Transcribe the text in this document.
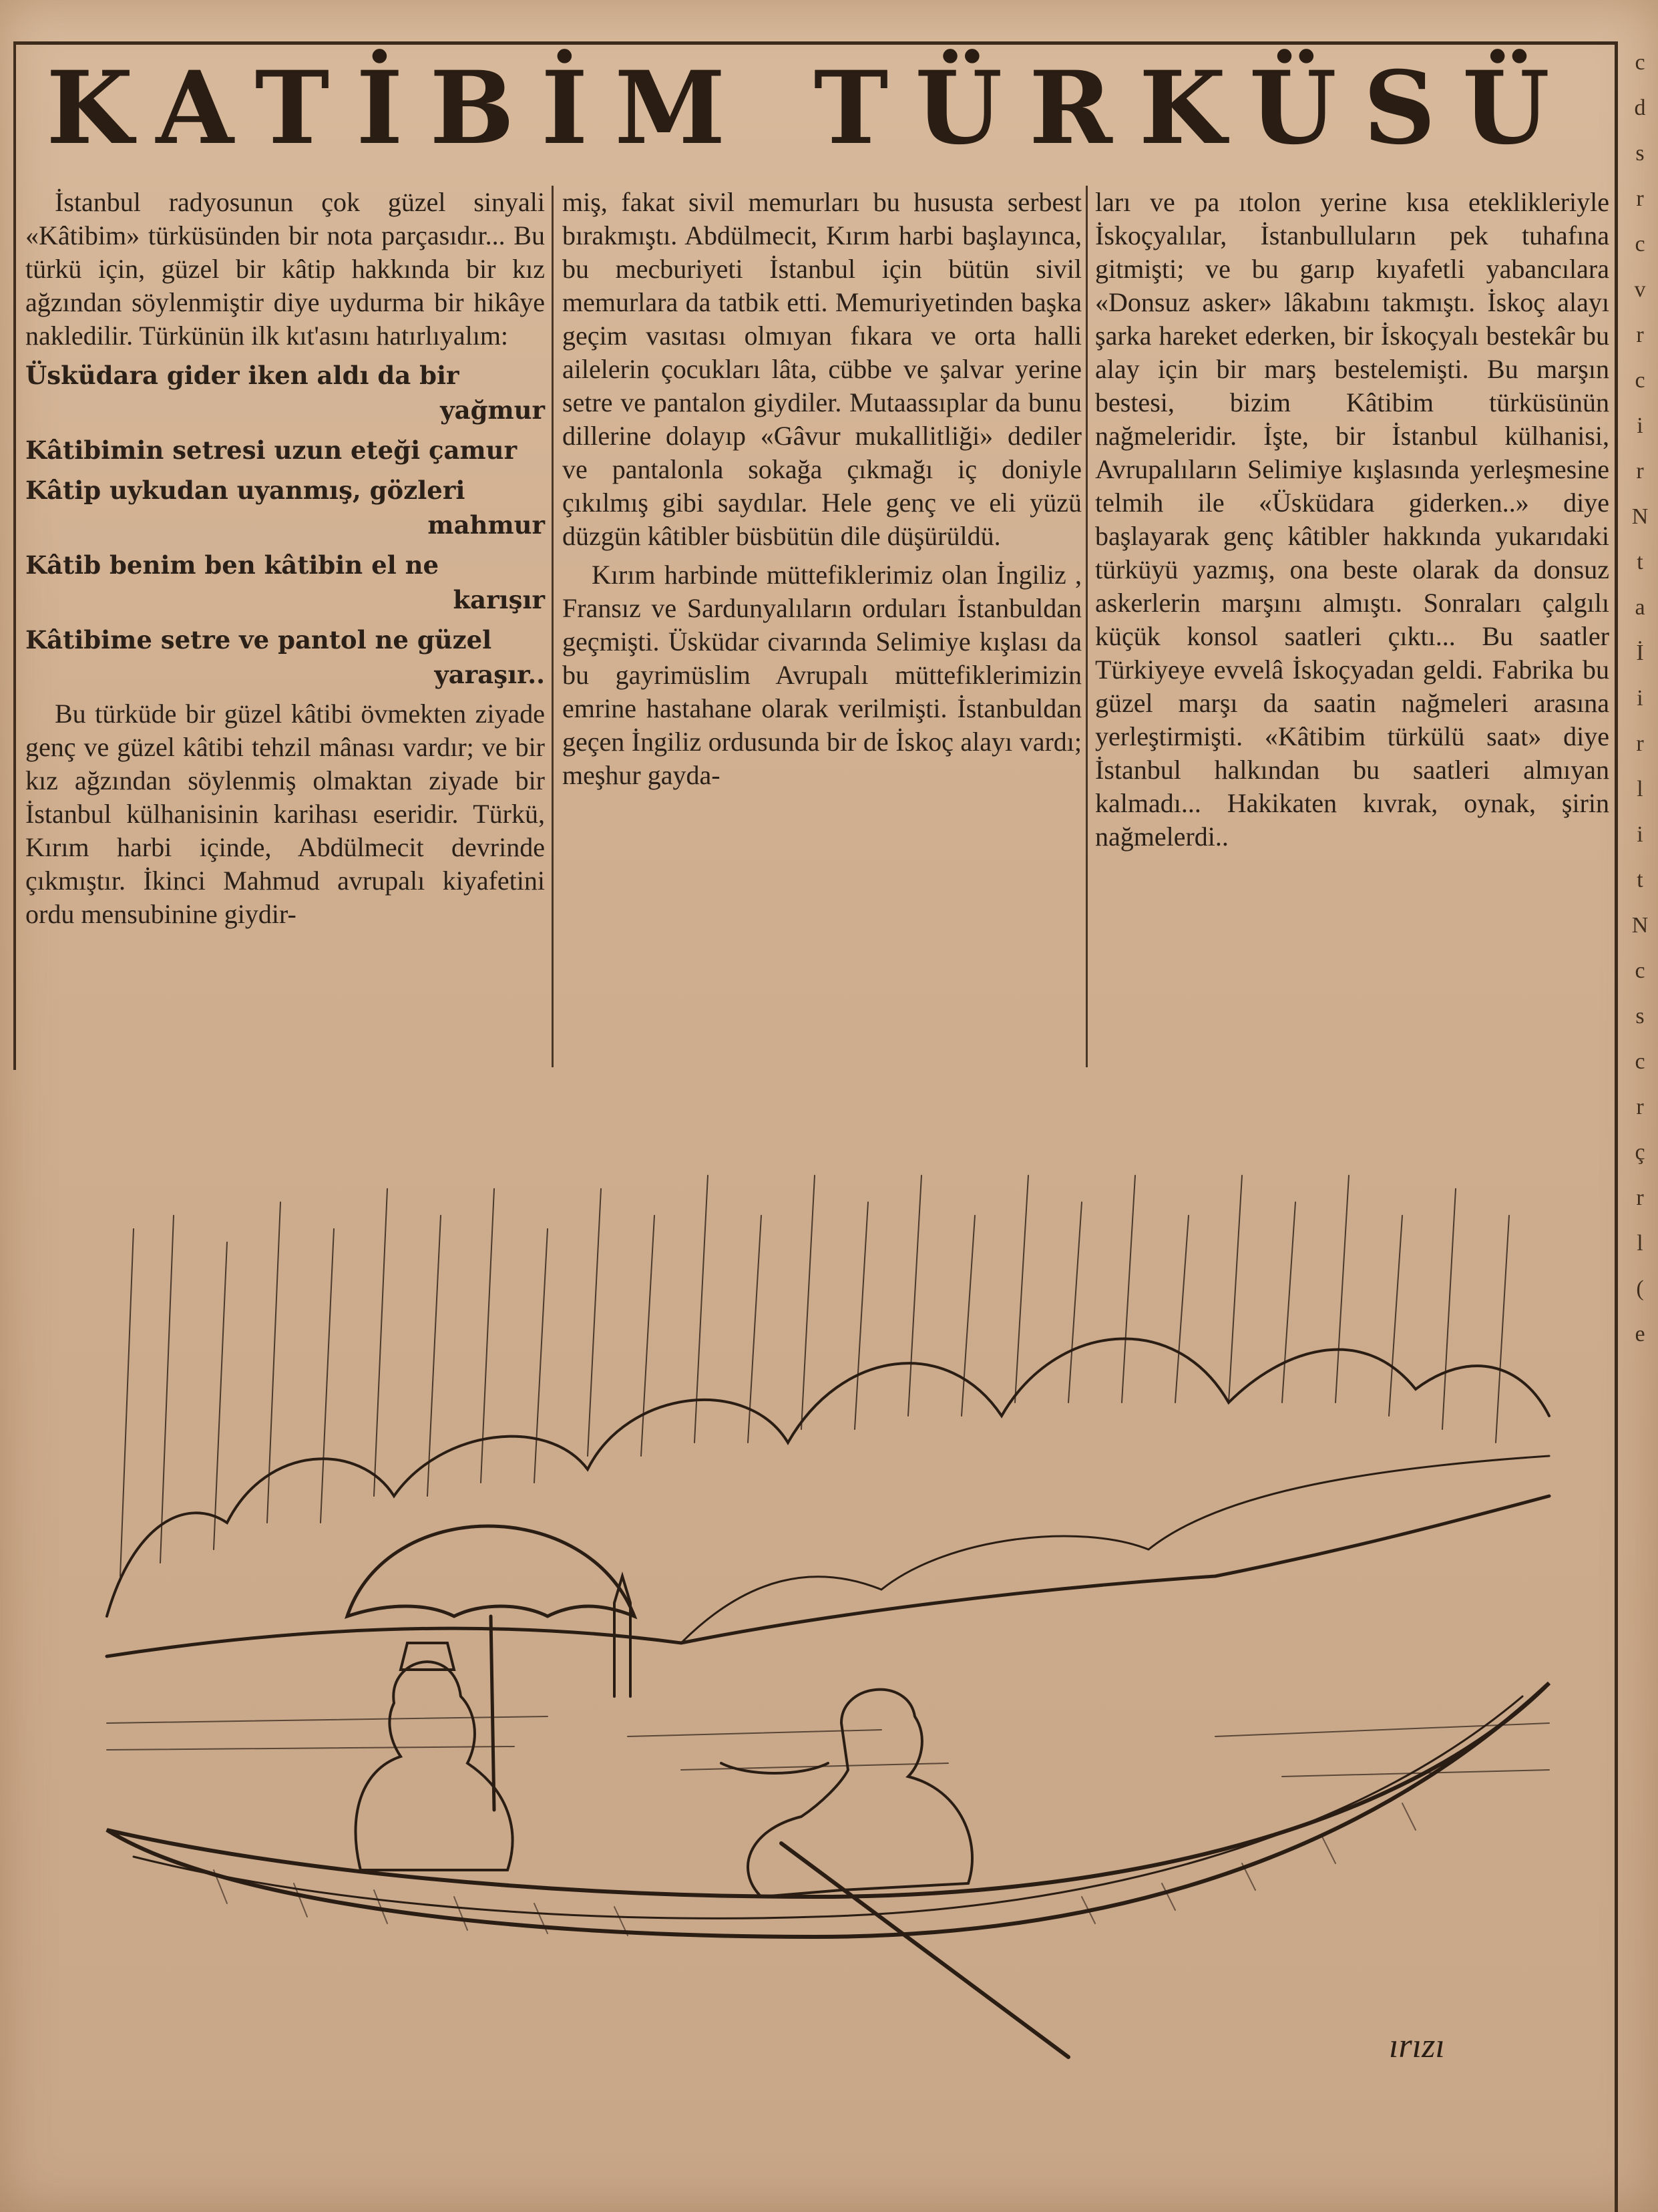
KATİBİM TÜRKÜSÜ

İstanbul radyosunun çok güzel sinyali «Kâtibim» türküsünden bir nota parçasıdır... Bu türkü için, güzel bir kâtip hakkında bir kız ağzından söylenmiştir diye uydurma bir hikâye nakledilir. Türkünün ilk kıt'asını hatırlıyalım:

Üsküdara gider iken aldı da bir
yağmur

Kâtibimin setresi uzun eteği çamur

Kâtip uykudan uyanmış, gözleri
mahmur

Kâtib benim ben kâtibin el ne
karışır

Kâtibime setre ve pantol ne güzel
yaraşır..

Bu türküde bir güzel kâtibi övmekten ziyade genç ve güzel kâtibi tehzil mânası vardır; ve bir kız ağzından söylenmiş olmaktan ziyade bir İstanbul külhanisinin karihası eseridir. Türkü, Kırım harbi içinde, Abdülmecit devrinde çıkmıştır. İkinci Mahmud avrupalı kiyafetini ordu mensubinine giydir-

miş, fakat sivil memurları bu hususta serbest bırakmıştı. Abdülmecit, Kırım harbi başlayınca, bu mecburiyeti İstanbul için bütün sivil memurlara da tatbik etti. Memuriyetinden başka geçim vasıtası olmıyan fıkara ve orta halli ailelerin çocukları lâta, cübbe ve şalvar yerine setre ve pantalon giydiler. Mutaassıplar da bunu dillerine dolayıp «Gâvur mukallitliği» dediler ve pantalonla sokağa çıkmağı iç doniyle çıkılmış gibi saydılar. Hele genç ve eli yüzü düzgün kâtibler büsbütün dile düşürüldü.

Kırım harbinde müttefiklerimiz olan İngiliz , Fransız ve Sardunyalıların orduları İstanbuldan geçmişti. Üsküdar civarında Selimiye kışlası da bu gayrimüslim Avrupalı müttefiklerimizin emrine hastahane olarak verilmişti. İstanbuldan geçen İngiliz ordusunda bir de İskoç alayı vardı; meşhur gayda-

ları ve pa ıtolon yerine kısa eteklikleriyle İskoçyalılar, İstanbulluların pek tuhafına gitmişti; ve bu garıp kıyafetli yabancılara «Donsuz asker» lâkabını takmıştı. İskoç alayı şarka hareket ederken, bir İskoçyalı bestekâr bu alay için bir marş bestelemişti. Bu marşın bestesi, bizim Kâtibim türküsünün nağmeleridir. İşte, bir İstanbul külhanisi, Avrupalıların Selimiye kışlasında yerleşmesine telmih ile «Üsküdara giderken..» diye başlayarak genç kâtibler hakkında yukarıdaki türküyü yazmış, ona beste olarak da donsuz askerlerin marşını almıştı. Sonraları çalgılı küçük konsol saatleri çıktı... Bu saatler Türkiyeye evvelâ İskoçyadan geldi. Fabrika bu güzel marşı da saatin nağmeleri arasına yerleştirmişti. «Kâtibim türkülü saat» diye İstanbul halkından bu saatleri almıyan kalmadı... Hakikaten kıvrak, oynak, şirin nağmelerdi..

c
d
s
r
c
v
r
c
i
r
N
t
a
İ
i
r
l
i
t
N
c
s
c
r
ç
r
l
(
e
ırızı
